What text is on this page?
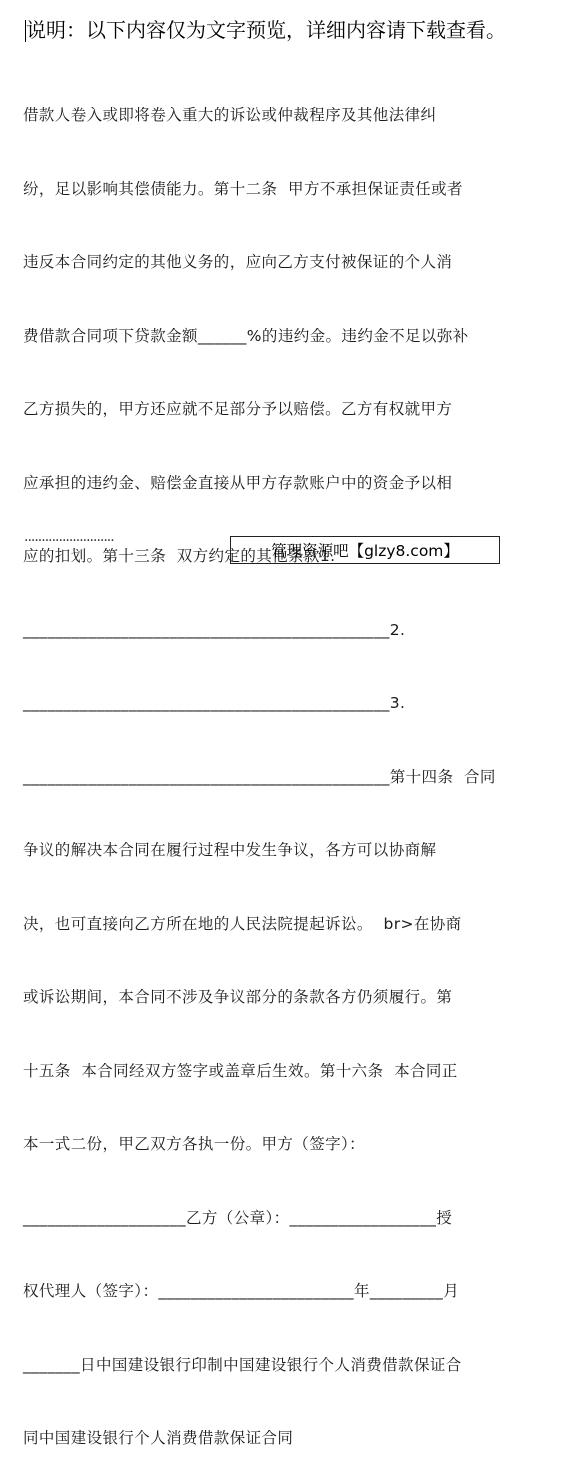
说明：以下内容仅为文字预览，详细内容请下载查看。

借款人卷入或即将卷入重大的诉讼或仲裁程序及其他法律纠

纷，足以影响其偿债能力。第十二条  甲方不承担保证责任或者

违反本合同约定的其他义务的，应向乙方支付被保证的个人消

费借款合同项下贷款金额______%的违约金。违约金不足以弥补

乙方损失的，甲方还应就不足部分予以赔偿。乙方有权就甲方

应承担的违约金、赔偿金直接从甲方存款账户中的资金予以相

应的扣划。第十三条  双方约定的其他条款1.

_____________________________________________2.

_____________________________________________3.

_____________________________________________第十四条  合同

争议的解决本合同在履行过程中发生争议，各方可以协商解

决，也可直接向乙方所在地的人民法院提起诉讼。  br>在协商

或诉讼期间，本合同不涉及争议部分的条款各方仍须履行。第

十五条  本合同经双方签字或盖章后生效。第十六条  本合同正

本一式二份，甲乙双方各执一份。甲方（签字）：

____________________乙方（公章）：__________________授

权代理人（签字）：________________________年_________月

_______日中国建设银行印制中国建设银行个人消费借款保证合

同中国建设银行个人消费借款保证合同

··························
管理资源吧【glzy8.com】
